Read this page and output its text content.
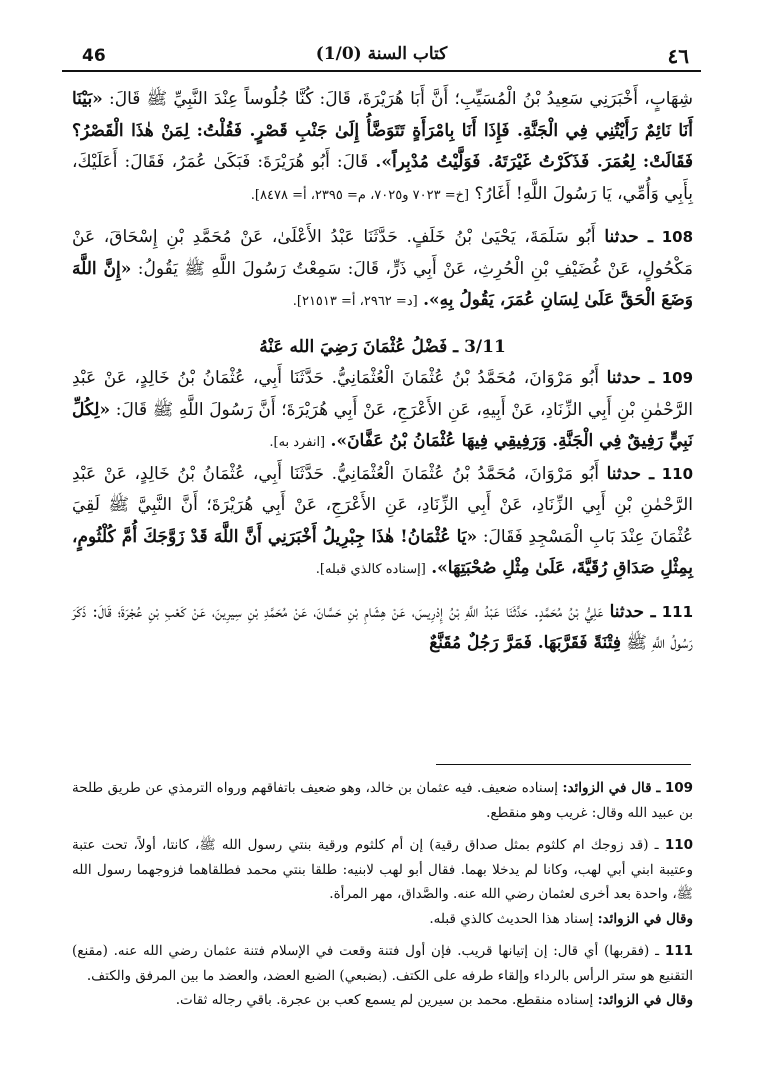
46	(1/0) كتاب السنة	٤٦

شِهَابٍ، أَخْبَرَنِي سَعِيدُ بْنُ الْمُسَيِّبِ؛ أَنَّ أَبَا هُرَيْرَةَ، قَالَ: كُنَّا جُلُوساً عِنْدَ النَّبِيِّ ﷺ قَالَ: «بَيْنَا أَنَا نَائِمٌ رَأَيْتُنِي فِي الْجَنَّةِ. فَإِذَا أَنَا بِامْرَأَةٍ تَتَوَضَّأُ إِلَىٰ جَنْبِ قَصْرٍ. فَقُلْتُ: لِمَنْ هٰذَا الْقَصْرُ؟ فَقَالَتْ: لِعُمَرَ. فَذَكَرْتُ غَيْرَتَهُ. فَوَلَّيْتُ مُدْبِراً». قَالَ: أَبُو هُرَيْرَةَ: فَبَكَىٰ عُمَرُ، فَقَالَ: أَعَلَيْكَ، بِأَبِي وَأُمِّي، يَا رَسُولَ اللَّهِ! أَغَارُ؟ [خ= ٧٠٢٣ و٧٠٢٥، م= ٢٣٩٥، أ= ٨٤٧٨].

108 ـ حدثنا أَبُو سَلَمَةَ، يَحْيَىٰ بْنُ خَلَفٍ. حَدَّثَنَا عَبْدُ الأَعْلَىٰ، عَنْ مُحَمَّدِ بْنِ إِسْحَاقَ، عَنْ مَكْحُولٍ، عَنْ غُضَيْفِ بْنِ الْحُرِثِ، عَنْ أَبِي ذَرٍّ، قَالَ: سَمِعْتُ رَسُولَ اللَّهِ ﷺ يَقُولُ: «إِنَّ اللَّهَ وَضَعَ الْحَقَّ عَلَىٰ لِسَانِ عُمَرَ، يَقُولُ بِهِ». [د= ٢٩٦٢، أ= ٢١٥١٣].

3/11 ـ فَضْلُ عُثْمَانَ رَضِيَ الله عَنْهُ

109 ـ حدثنا أَبُو مَرْوَانَ، مُحَمَّدُ بْنُ عُثْمَانَ الْعُثْمَانِيُّ. حَدَّثَنَا أَبِي، عُثْمَانُ بْنُ خَالِدٍ، عَنْ عَبْدِ الرَّحْمٰنِ بْنِ أَبِي الزِّنَادِ، عَنْ أَبِيهِ، عَنِ الأَعْرَجِ، عَنْ أَبِي هُرَيْرَةَ؛ أَنَّ رَسُولَ اللَّهِ ﷺ قَالَ: «لِكُلِّ نَبِيٍّ رَفِيقٌ فِي الْجَنَّةِ. وَرَفِيقِي فِيهَا عُثْمَانُ بْنُ عَفَّانَ». [انفرد به].

110 ـ حدثنا أَبُو مَرْوَانَ، مُحَمَّدُ بْنُ عُثْمَانَ الْعُثْمَانِيُّ. حَدَّثَنَا أَبِي، عُثْمَانُ بْنُ خَالِدٍ، عَنْ عَبْدِ الرَّحْمٰنِ بْنِ أَبِي الزِّنَادِ، عَنْ أَبِي الزِّنَادِ، عَنِ الأَعْرَجِ، عَنْ أَبِي هُرَيْرَةَ؛ أَنَّ النَّبِيَّ ﷺ لَقِيَ عُثْمَانَ عِنْدَ بَابِ الْمَسْجِدِ فَقَالَ: «يَا عُثْمَانُ! هٰذَا جِبْرِيلُ أَخْبَرَنِي أَنَّ اللَّهَ قَدْ زَوَّجَكَ أُمَّ كُلْثُومٍ، بِمِثْلِ صَدَاقِ رُقَيَّةَ، عَلَىٰ مِثْلِ صُحْبَتِهَا». [إسناده كالذي قبله].

111 ـ حدثنا عَلِيُّ بْنُ مُحَمَّدٍ. حَدَّثَنَا عَبْدُ اللَّهِ بْنُ إِدْرِيسَ، عَنْ هِشَامِ بْنِ حَسَّانَ، عَنْ مُحَمَّدِ بْنِ سِيرِينَ، عَنْ كَعْبِ بْنِ عُجْرَةَ؛ قَالَ: ذَكَرَ رَسُولُ اللَّهِ ﷺ فِتْنَةً فَقَرَّبَهَا. فَمَرَّ رَجُلٌ مُقَنَّعٌ

109 ـ قال في الزوائد: إسناده ضعيف. فيه عثمان بن خالد، وهو ضعيف باتفاقهم ورواه الترمذي عن طريق طلحة بن عبيد الله وقال: غريب وهو منقطع.

110 ـ (قد زوجك ام كلثوم بمثل صداق رقية) إن أم كلثوم ورقية بنتي رسول الله ﷺ، كانتا، أولاً، تحت عتبة وعتيبة ابني أبي لهب، وكانا لم يدخلا بهما. فقال أبو لهب لابنيه: طلقا بنتي محمد فطلقاهما فزوجهما رسول الله ﷺ، واحدة بعد أخرى لعثمان رضي الله عنه. والصَّداق، مهر المرأة.

وقال في الزوائد: إسناد هذا الحديث كالذي قبله.

111 ـ (فقربها) أي قال: إن إتيانها قريب. فإن أول فتنة وقعت في الإسلام فتنة عثمان رضي الله عنه. (مقنع) التقنيع هو ستر الرأس بالرداء وإلقاء طرفه على الكتف. (بضبعي) الضبع العضد، والعضد ما بين المرفق والكتف.

وقال في الزوائد: إسناده منقطع. محمد بن سيرين لم يسمع كعب بن عجرة. باقي رجاله ثقات.
